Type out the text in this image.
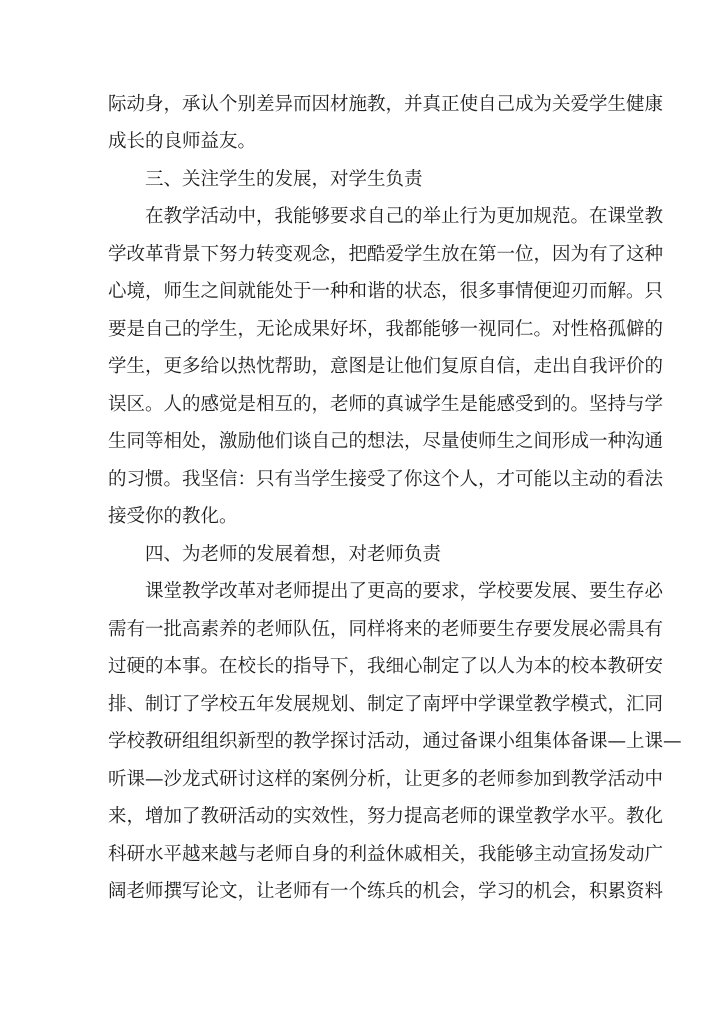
际动身，承认个别差异而因材施教，并真正使自己成为关爱学生健康
成长的良师益友。
三、关注学生的发展，对学生负责
在教学活动中，我能够要求自己的举止行为更加规范。在课堂教
学改革背景下努力转变观念，把酷爱学生放在第一位，因为有了这种
心境，师生之间就能处于一种和谐的状态，很多事情便迎刃而解。只
要是自己的学生，无论成果好坏，我都能够一视同仁。对性格孤僻的
学生，更多给以热忱帮助，意图是让他们复原自信，走出自我评价的
误区。人的感觉是相互的，老师的真诚学生是能感受到的。坚持与学
生同等相处，激励他们谈自己的想法，尽量使师生之间形成一种沟通
的习惯。我坚信：只有当学生接受了你这个人，才可能以主动的看法
接受你的教化。
四、为老师的发展着想，对老师负责
课堂教学改革对老师提出了更高的要求，学校要发展、要生存必
需有一批高素养的老师队伍，同样将来的老师要生存要发展必需具有
过硬的本事。在校长的指导下，我细心制定了以人为本的校本教研安
排、制订了学校五年发展规划、制定了南坪中学课堂教学模式，汇同
学校教研组组织新型的教学探讨活动，通过备课小组集体备课—上课—
听课—沙龙式研讨这样的案例分析，让更多的老师参加到教学活动中
来，增加了教研活动的实效性，努力提高老师的课堂教学水平。教化
科研水平越来越与老师自身的利益休戚相关，我能够主动宣扬发动广
阔老师撰写论文，让老师有一个练兵的机会，学习的机会，积累资料
